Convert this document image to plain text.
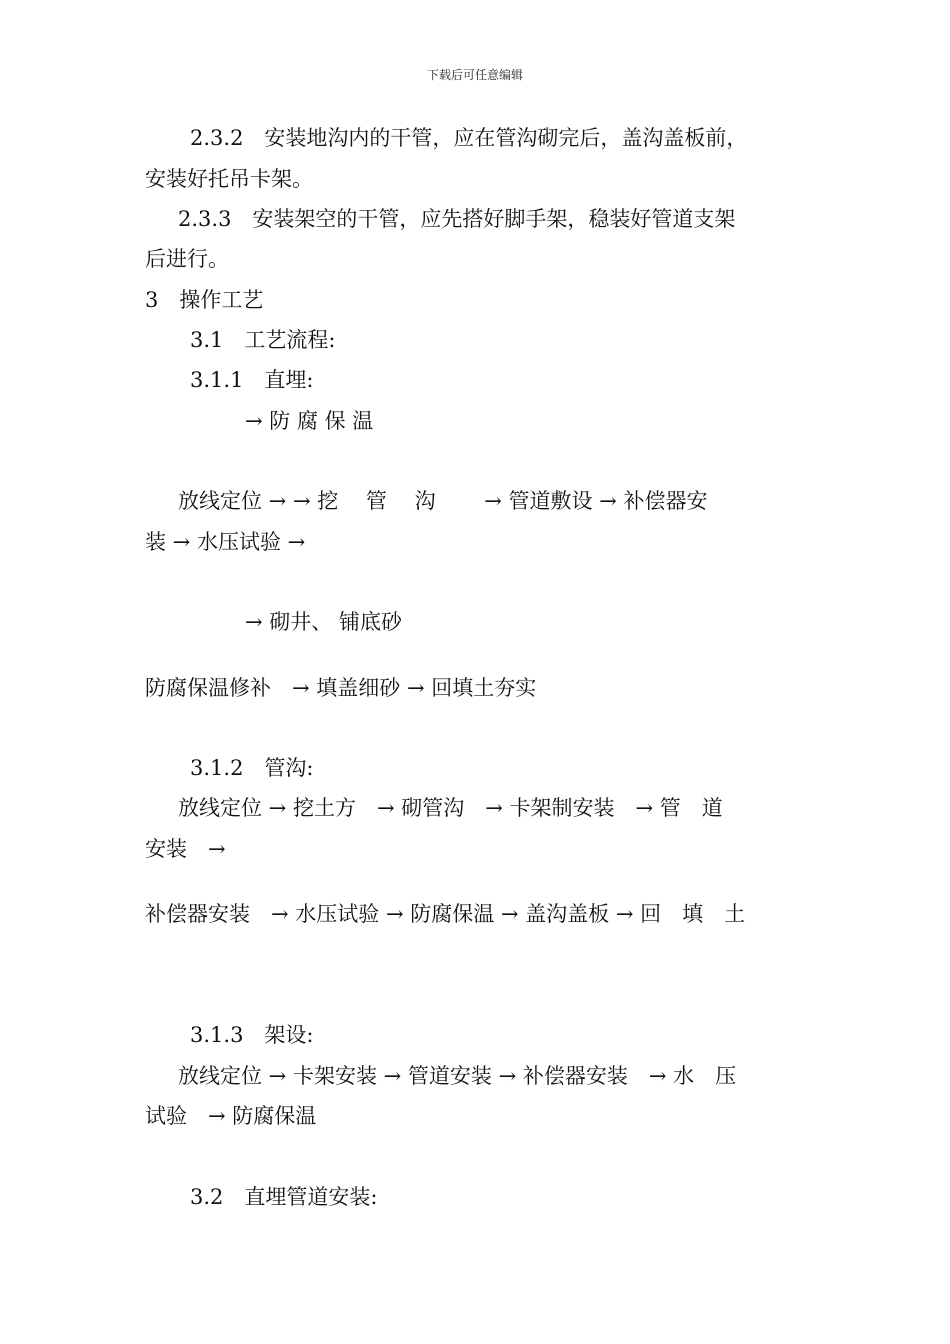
下载后可任意编辑
2.3.2　安装地沟内的干管，应在管沟砌完后，盖沟盖板前，
安装好托吊卡架。
2.3.3　安装架空的干管，应先搭好脚手架，稳装好管道支架
后进行。
3　操作工艺
3.1　工艺流程:
3.1.1　直埋:
→ 防 腐 保 温
放线定位 → → 挖　 管　 沟　　 → 管道敷设 → 补偿器安
装 → 水压试验 →
→ 砌井、 铺底砂
防腐保温修补　→ 填盖细砂 → 回填土夯实
3.1.2　管沟:
放线定位 → 挖土方　→ 砌管沟　→ 卡架制安装　→ 管　道
安装　→
补偿器安装　→ 水压试验 → 防腐保温 → 盖沟盖板 → 回　填　土
3.1.3　架设:
放线定位 → 卡架安装 → 管道安装 → 补偿器安装　→ 水　压
试验　→ 防腐保温
3.2　直埋管道安装:
